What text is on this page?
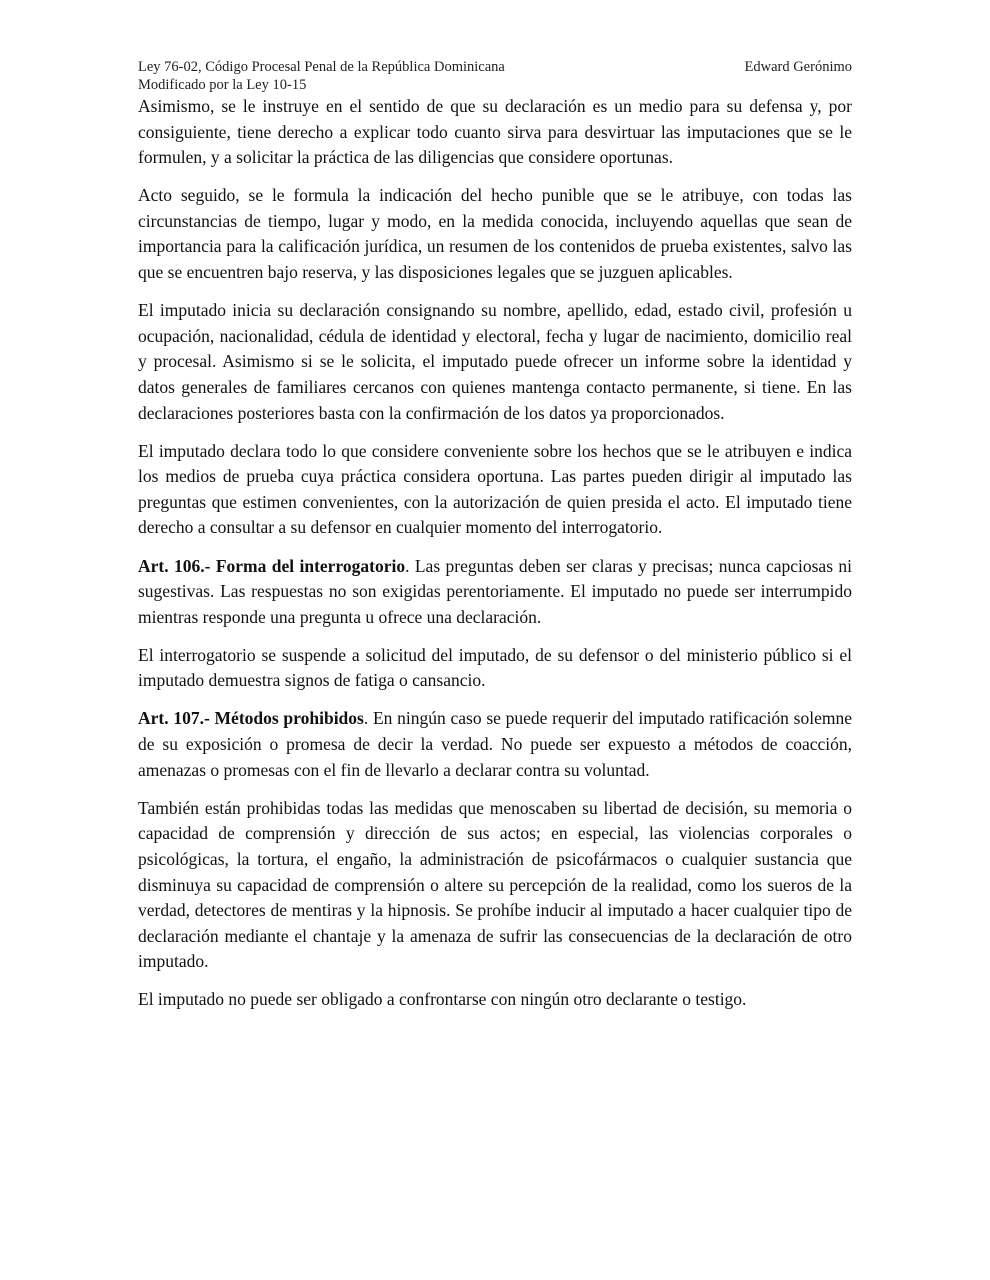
Ley 76-02, Código Procesal Penal de la República Dominicana
Modificado por la Ley 10-15
Edward Gerónimo

Asimismo, se le instruye en el sentido de que su declaración es un medio para su defensa y, por consiguiente, tiene derecho a explicar todo cuanto sirva para desvirtuar las imputaciones que se le formulen, y a solicitar la práctica de las diligencias que considere oportunas.

Acto seguido, se le formula la indicación del hecho punible que se le atribuye, con todas las circunstancias de tiempo, lugar y modo, en la medida conocida, incluyendo aquellas que sean de importancia para la calificación jurídica, un resumen de los contenidos de prueba existentes, salvo las que se encuentren bajo reserva, y las disposiciones legales que se juzguen aplicables.

El imputado inicia su declaración consignando su nombre, apellido, edad, estado civil, profesión u ocupación, nacionalidad, cédula de identidad y electoral, fecha y lugar de nacimiento, domicilio real y procesal. Asimismo si se le solicita, el imputado puede ofrecer un informe sobre la identidad y datos generales de familiares cercanos con quienes mantenga contacto permanente, si tiene. En las declaraciones posteriores basta con la confirmación de los datos ya proporcionados.

El imputado declara todo lo que considere conveniente sobre los hechos que se le atribuyen e indica los medios de prueba cuya práctica considera oportuna. Las partes pueden dirigir al imputado las preguntas que estimen convenientes, con la autorización de quien presida el acto. El imputado tiene derecho a consultar a su defensor en cualquier momento del interrogatorio.

Art. 106.- Forma del interrogatorio. Las preguntas deben ser claras y precisas; nunca capciosas ni sugestivas. Las respuestas no son exigidas perentoriamente. El imputado no puede ser interrumpido mientras responde una pregunta u ofrece una declaración.

El interrogatorio se suspende a solicitud del imputado, de su defensor o del ministerio público si el imputado demuestra signos de fatiga o cansancio.

Art. 107.- Métodos prohibidos. En ningún caso se puede requerir del imputado ratificación solemne de su exposición o promesa de decir la verdad. No puede ser expuesto a métodos de coacción, amenazas o promesas con el fin de llevarlo a declarar contra su voluntad.

También están prohibidas todas las medidas que menoscaben su libertad de decisión, su memoria o capacidad de comprensión y dirección de sus actos; en especial, las violencias corporales o psicológicas, la tortura, el engaño, la administración de psicofármacos o cualquier sustancia que disminuya su capacidad de comprensión o altere su percepción de la realidad, como los sueros de la verdad, detectores de mentiras y la hipnosis. Se prohíbe inducir al imputado a hacer cualquier tipo de declaración mediante el chantaje y la amenaza de sufrir las consecuencias de la declaración de otro imputado.

El imputado no puede ser obligado a confrontarse con ningún otro declarante o testigo.
